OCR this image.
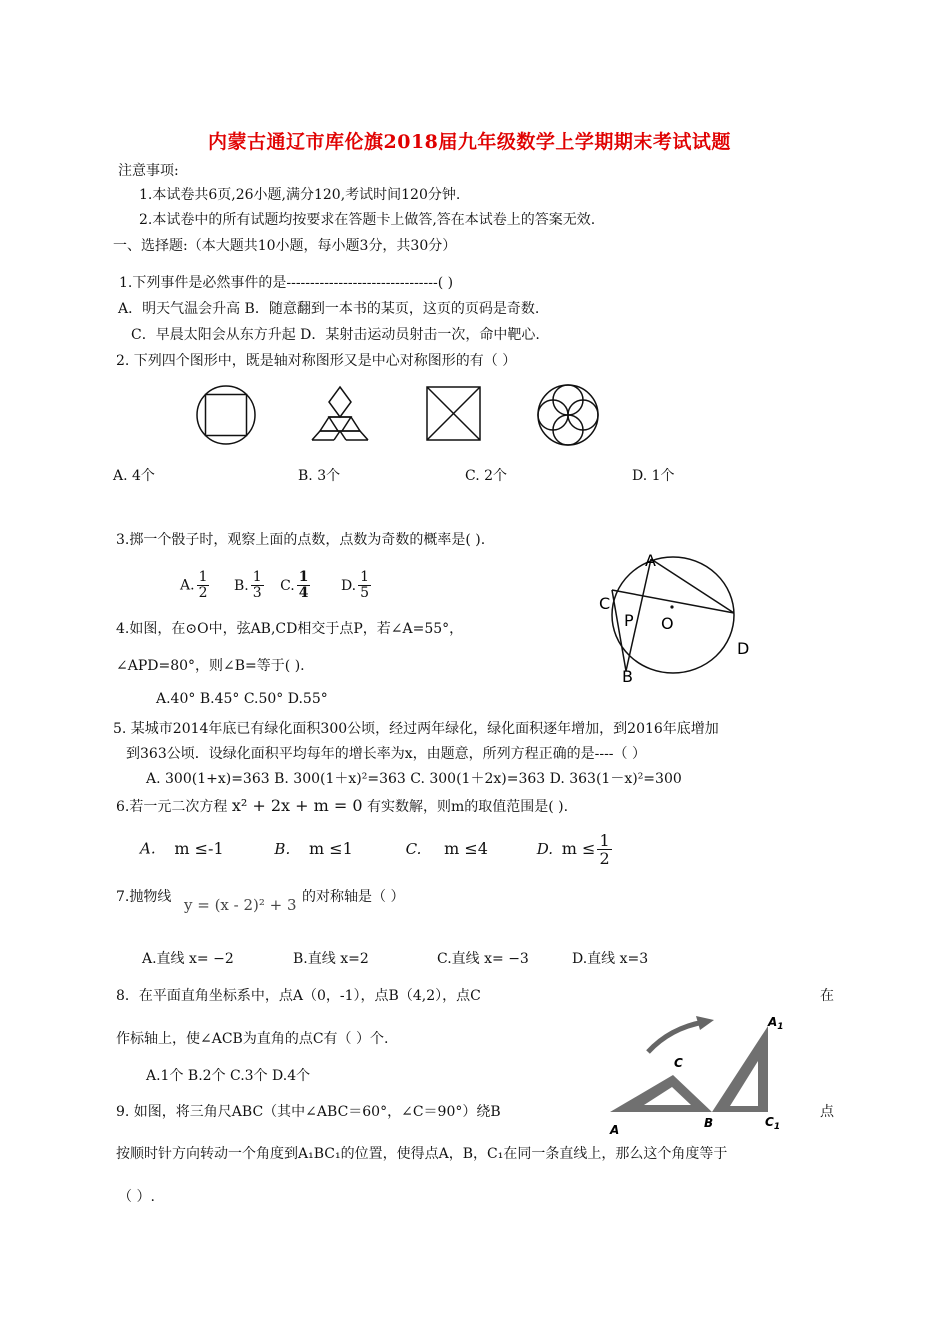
内蒙古通辽市库伦旗2018届九年级数学上学期期末考试试题
注意事项:
1.本试卷共6页,26小题,满分120,考试时间120分钟.
2.本试卷中的所有试题均按要求在答题卡上做答,答在本试卷上的答案无效.
一、选择题:（本大题共10小题，每小题3分，共30分）
1.下列事件是必然事件的是--------------------------------( )
A．明天气温会升高 B．随意翻到一本书的某页，这页的页码是奇数.
C．早晨太阳会从东方升起 D．某射击运动员射击一次，命中靶心.
2. 下列四个图形中，既是轴对称图形又是中心对称图形的有（ ）
A. 4个	B. 3个	C. 2个	D. 1个
3.掷一个骰子时，观察上面的点数，点数为奇数的概率是( ).
A. $\frac{1}{2} B$. $\frac{1}{3} C$. $\frac{1}{4} D$. $\frac{1}{5}$
A
C
P O
D
B
4.如图，在⊙O中，弦AB,CD相交于点P，若∠A=55°，
∠APD=80°，则∠B=等于( ).
A.40° B.45° C.50° D.55°
5. 某城市2014年底已有绿化面积300公顷，经过两年绿化，绿化面积逐年增加，到2016年底增加
到363公顷．设绿化面积平均每年的增长率为x，由题意，所列方程正确的是----（ ）
A. 300(1+x)=363 B. 300(1＋x)²=363 C. 300(1＋2x)=363 D. 363(1－x)²=300
6.若一元二次方程 x² + 2x + m = 0 有实数解，则m的取值范围是( ).
A. m ≤-1	B. m ≤1	C. m ≤4	D. $m \le \frac{1}{2}$
7.抛物线 y = (x - 2)² + 3 的对称轴是（ ）
A.直线 x= −2	B.直线 x=2	C.直线 x= −3	D.直线 x=3
8．在平面直角坐标系中，点A（0，-1），点B（4,2），点C	在
作标轴上，使∠ACB为直角的点C有（ ）个.
A.1个 B.2个 C.3个 D.4个
A
C
B
$A_1$
$C_1$
9. 如图，将三角尺ABC（其中∠ABC＝60°，∠C＝90°）绕B	点
按顺时针方向转动一个角度到A₁BC₁的位置，使得点A，B，C₁在同一条直线上，那么这个角度等于
（ ）.
